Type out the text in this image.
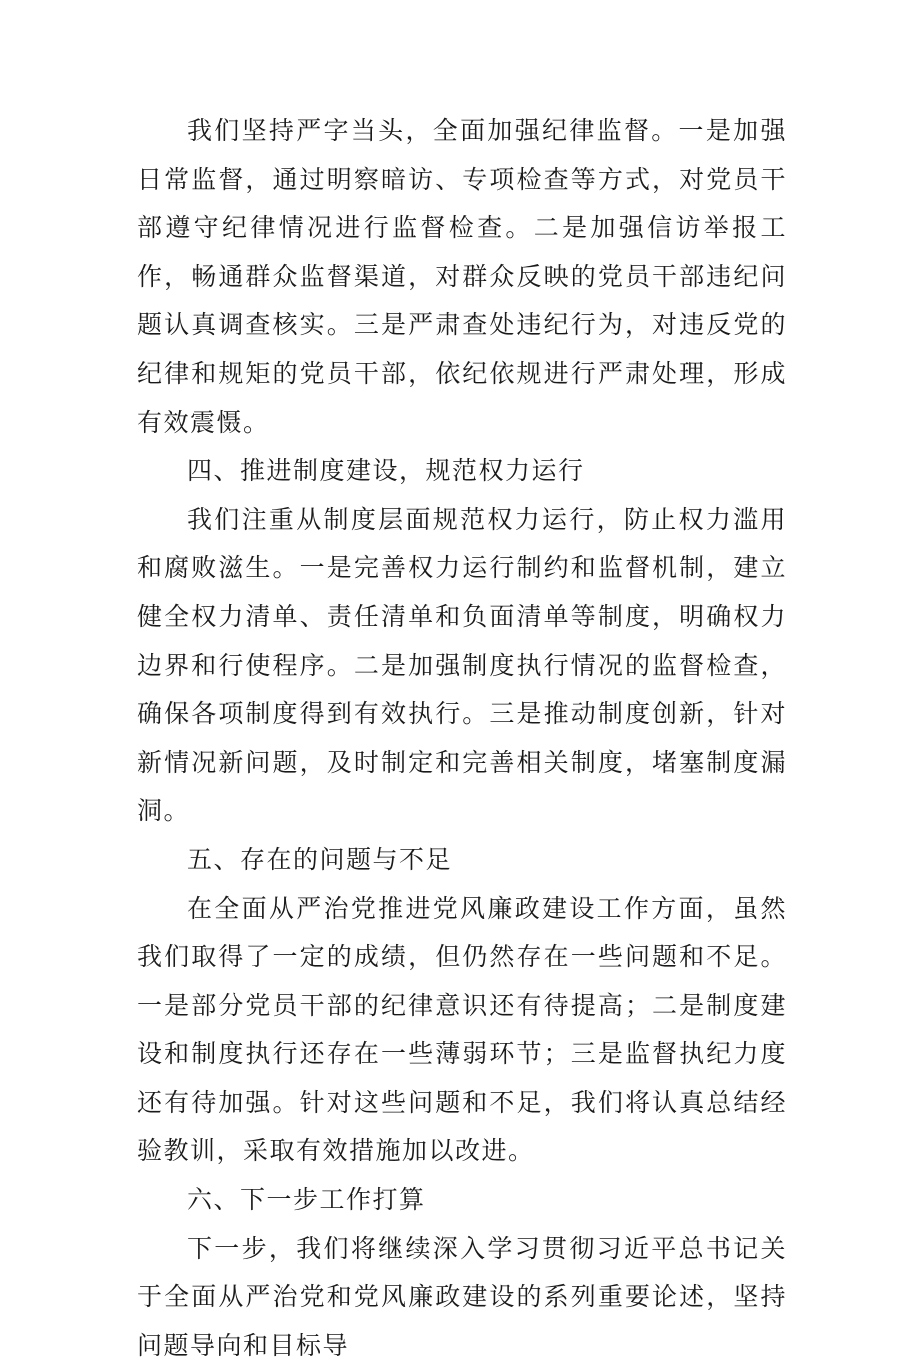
我们坚持严字当头，全面加强纪律监督。一是加强日常监督，通过明察暗访、专项检查等方式，对党员干部遵守纪律情况进行监督检查。二是加强信访举报工作，畅通群众监督渠道，对群众反映的党员干部违纪问题认真调查核实。三是严肃查处违纪行为，对违反党的纪律和规矩的党员干部，依纪依规进行严肃处理，形成有效震慑。

四、推进制度建设，规范权力运行

我们注重从制度层面规范权力运行，防止权力滥用和腐败滋生。一是完善权力运行制约和监督机制，建立健全权力清单、责任清单和负面清单等制度，明确权力边界和行使程序。二是加强制度执行情况的监督检查，确保各项制度得到有效执行。三是推动制度创新，针对新情况新问题，及时制定和完善相关制度，堵塞制度漏洞。

五、存在的问题与不足

在全面从严治党推进党风廉政建设工作方面，虽然我们取得了一定的成绩，但仍然存在一些问题和不足。一是部分党员干部的纪律意识还有待提高；二是制度建设和制度执行还存在一些薄弱环节；三是监督执纪力度还有待加强。针对这些问题和不足，我们将认真总结经验教训，采取有效措施加以改进。

六、下一步工作打算

下一步，我们将继续深入学习贯彻习近平总书记关于全面从严治党和党风廉政建设的系列重要论述，坚持问题导向和目标导
